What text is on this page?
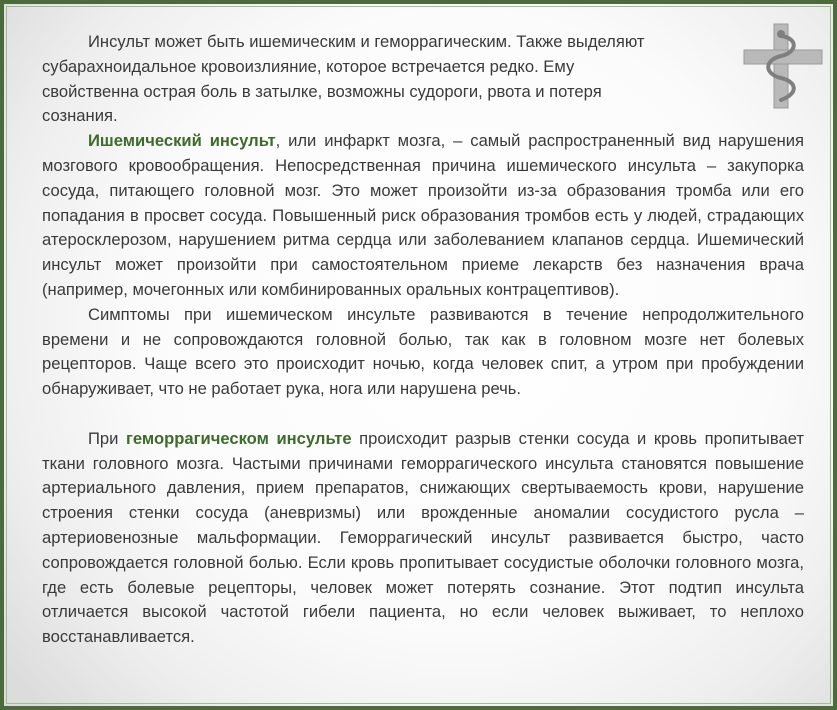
Инсульт может быть ишемическим и геморрагическим. Также выделяют субарахноидальное кровоизлияние, которое встречается редко. Ему свойственна острая боль в затылке, возможны судороги, рвота и потеря сознания.

Ишемический инсульт, или инфаркт мозга, – самый распространенный вид нарушения мозгового кровообращения. Непосредственная причина ишемического инсульта – закупорка сосуда, питающего головной мозг. Это может произойти из-за образования тромба или его попадания в просвет сосуда. Повышенный риск образования тромбов есть у людей, страдающих атеросклерозом, нарушением ритма сердца или заболеванием клапанов сердца. Ишемический инсульт может произойти при самостоятельном приеме лекарств без назначения врача (например, мочегонных или комбинированных оральных контрацептивов).

Симптомы при ишемическом инсульте развиваются в течение непродолжительного времени и не сопровождаются головной болью, так как в головном мозге нет болевых рецепторов. Чаще всего это происходит ночью, когда человек спит, а утром при пробуждении обнаруживает, что не работает рука, нога или нарушена речь.

При геморрагическом инсульте происходит разрыв стенки сосуда и кровь пропитывает ткани головного мозга. Частыми причинами геморрагического инсульта становятся повышение артериального давления, прием препаратов, снижающих свертываемость крови, нарушение строения стенки сосуда (аневризмы) или врожденные аномалии сосудистого русла – артериовенозные мальформации. Геморрагический инсульт развивается быстро, часто сопровождается головной болью. Если кровь пропитывает сосудистые оболочки головного мозга, где есть болевые рецепторы, человек может потерять сознание. Этот подтип инсульта отличается высокой частотой гибели пациента, но если человек выживает, то неплохо восстанавливается.
